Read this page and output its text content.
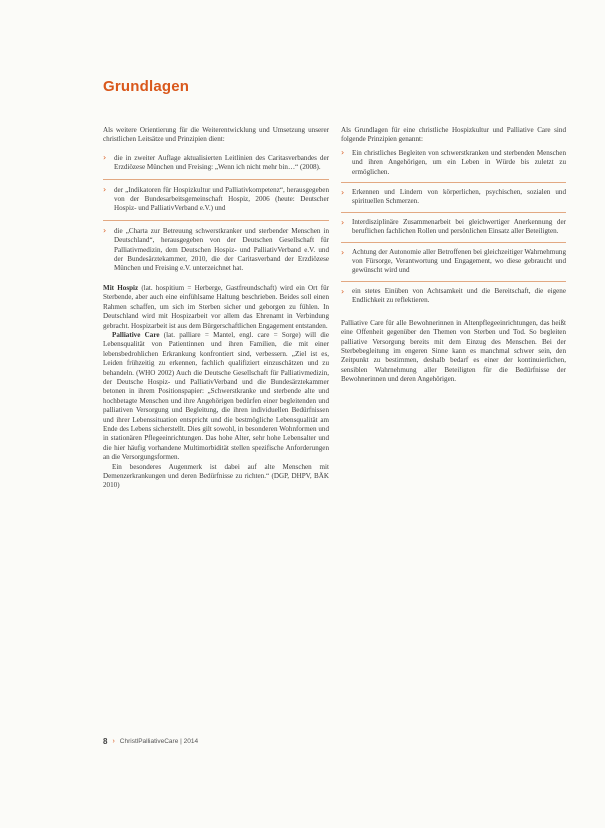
Grundlagen

Als weitere Orientierung für die Weiterentwicklung und Umsetzung unserer christlichen Leitsätze und Prinzipien dient:

› die in zweiter Auflage aktualisierten Leitlinien des Caritasverbandes der Erzdiözese München und Freising: „Wenn ich nicht mehr bin…“ (2008).
› der „Indikatoren für Hospizkultur und Palliativkompetenz“, herausgegeben von der Bundesarbeitsgemeinschaft Hospiz, 2006 (heute: Deutscher Hospiz- und PalliativVerband e.V.) und
› die „Charta zur Betreuung schwerstkranker und sterbender Menschen in Deutschland“, herausgegeben von der Deutschen Gesellschaft für Palliativmedizin, dem Deutschen Hospiz- und PalliativVerband e.V. und der Bundesärztekammer, 2010, die der Caritasverband der Erzdiözese München und Freising e.V. unterzeichnet hat.

Mit Hospiz (lat. hospitium = Herberge, Gastfreundschaft) wird ein Ort für Sterbende, aber auch eine einfühlsame Haltung beschrieben. Beides soll einen Rahmen schaffen, um sich im Sterben sicher und geborgen zu fühlen. In Deutschland wird mit Hospizarbeit vor allem das Ehrenamt in Verbindung gebracht. Hospizarbeit ist aus dem Bürgerschaftlichen Engagement entstanden.

Palliative Care (lat. palliare = Mantel, engl. care = Sorge) will die Lebensqualität von Patientinnen und ihren Familien, die mit einer lebensbedrohlichen Erkrankung konfrontiert sind, verbessern. „Ziel ist es, Leiden frühzeitig zu erkennen, fachlich qualifiziert einzuschätzen und zu behandeln. (WHO 2002) Auch die Deutsche Gesellschaft für Palliativmedizin, der Deutsche Hospiz- und PalliativVerband und die Bundesärztekammer betonen in ihrem Positionspapier: „Schwerstkranke und sterbende alte und hochbetagte Menschen und ihre Angehörigen bedürfen einer begleitenden und palliativen Versorgung und Begleitung, die ihren individuellen Bedürfnissen und ihrer Lebenssituation entspricht und die bestmögliche Lebensqualität am Ende des Lebens sicherstellt. Dies gilt sowohl, in besonderen Wohnformen und in stationären Pflegeeinrichtungen. Das hohe Alter, sehr hohe Lebensalter und die hier häufig vorhandene Multimorbidität stellen spezifische Anforderungen an die Versorgungsformen.

Ein besonderes Augenmerk ist dabei auf alte Menschen mit Demenzerkrankungen und deren Bedürfnisse zu richten.“ (DGP, DHPV, BÄK 2010)

Als Grundlagen für eine christliche Hospizkultur und Palliative Care sind folgende Prinzipien genannt:

› Ein christliches Begleiten von schwerstkranken und sterbenden Menschen und ihren Angehörigen, um ein Leben in Würde bis zuletzt zu ermöglichen.
› Erkennen und Lindern von körperlichen, psychischen, sozialen und spirituellen Schmerzen.
› Interdisziplinäre Zusammenarbeit bei gleichwertiger Anerkennung der beruflichen fachlichen Rollen und persönlichen Einsatz aller Beteiligten.
› Achtung der Autonomie aller Betroffenen bei gleichzeitiger Wahrnehmung von Fürsorge, Verantwortung und Engagement, wo diese gebraucht und gewünscht wird und
› ein stetes Einüben von Achtsamkeit und die Bereitschaft, die eigene Endlichkeit zu reflektieren.

Palliative Care für alle Bewohnerinnen in Altenpflegeeinrichtungen, das heißt eine Offenheit gegenüber den Themen von Sterben und Tod. So begleiten palliative Versorgung bereits mit dem Einzug des Menschen. Bei der Sterbebegleitung im engeren Sinne kann es manchmal schwer sein, den Zeitpunkt zu bestimmen, deshalb bedarf es einer der kontinuierlichen, sensiblen Wahrnehmung aller Beteiligten für die Bedürfnisse der Bewohnerinnen und deren Angehörigen.

8 › ChristlPalliativeCare | 2014
